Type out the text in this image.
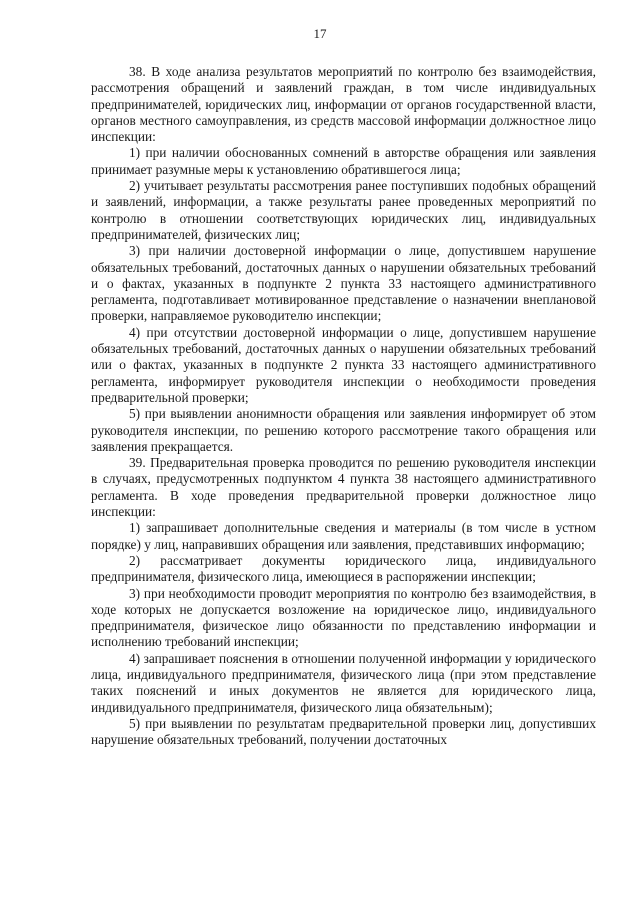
17

38. В ходе анализа результатов мероприятий по контролю без взаимодействия, рассмотрения обращений и заявлений граждан, в том числе индивидуальных предпринимателей, юридических лиц, информации от органов государственной власти, органов местного самоуправления, из средств массовой информации должностное лицо инспекции:

1) при наличии обоснованных сомнений в авторстве обращения или заявления принимает разумные меры к установлению обратившегося лица;

2) учитывает результаты рассмотрения ранее поступивших подобных обращений и заявлений, информации, а также результаты ранее проведенных мероприятий по контролю в отношении соответствующих юридических лиц, индивидуальных предпринимателей, физических лиц;

3) при наличии достоверной информации о лице, допустившем нарушение обязательных требований, достаточных данных о нарушении обязательных требований и о фактах, указанных в подпункте 2 пункта 33 настоящего административного регламента, подготавливает мотивированное представление о назначении внеплановой проверки, направляемое руководителю инспекции;

4) при отсутствии достоверной информации о лице, допустившем нарушение обязательных требований, достаточных данных о нарушении обязательных требований или о фактах, указанных в подпункте 2 пункта 33 настоящего административного регламента, информирует руководителя инспекции о необходимости проведения предварительной проверки;

5) при выявлении анонимности обращения или заявления информирует об этом руководителя инспекции, по решению которого рассмотрение такого обращения или заявления прекращается.

39. Предварительная проверка проводится по решению руководителя инспекции в случаях, предусмотренных подпунктом 4 пункта 38 настоящего административного регламента. В ходе проведения предварительной проверки должностное лицо инспекции:

1) запрашивает дополнительные сведения и материалы (в том числе в устном порядке) у лиц, направивших обращения или заявления, представивших информацию;

2) рассматривает документы юридического лица, индивидуального предпринимателя, физического лица, имеющиеся в распоряжении инспекции;

3) при необходимости проводит мероприятия по контролю без взаимодействия, в ходе которых не допускается возложение на юридическое лицо, индивидуального предпринимателя, физическое лицо обязанности по представлению информации и исполнению требований инспекции;

4) запрашивает пояснения в отношении полученной информации у юридического лица, индивидуального предпринимателя, физического лица (при этом представление таких пояснений и иных документов не является для юридического лица, индивидуального предпринимателя, физического лица обязательным);

5) при выявлении по результатам предварительной проверки лиц, допустивших нарушение обязательных требований, получении достаточных
